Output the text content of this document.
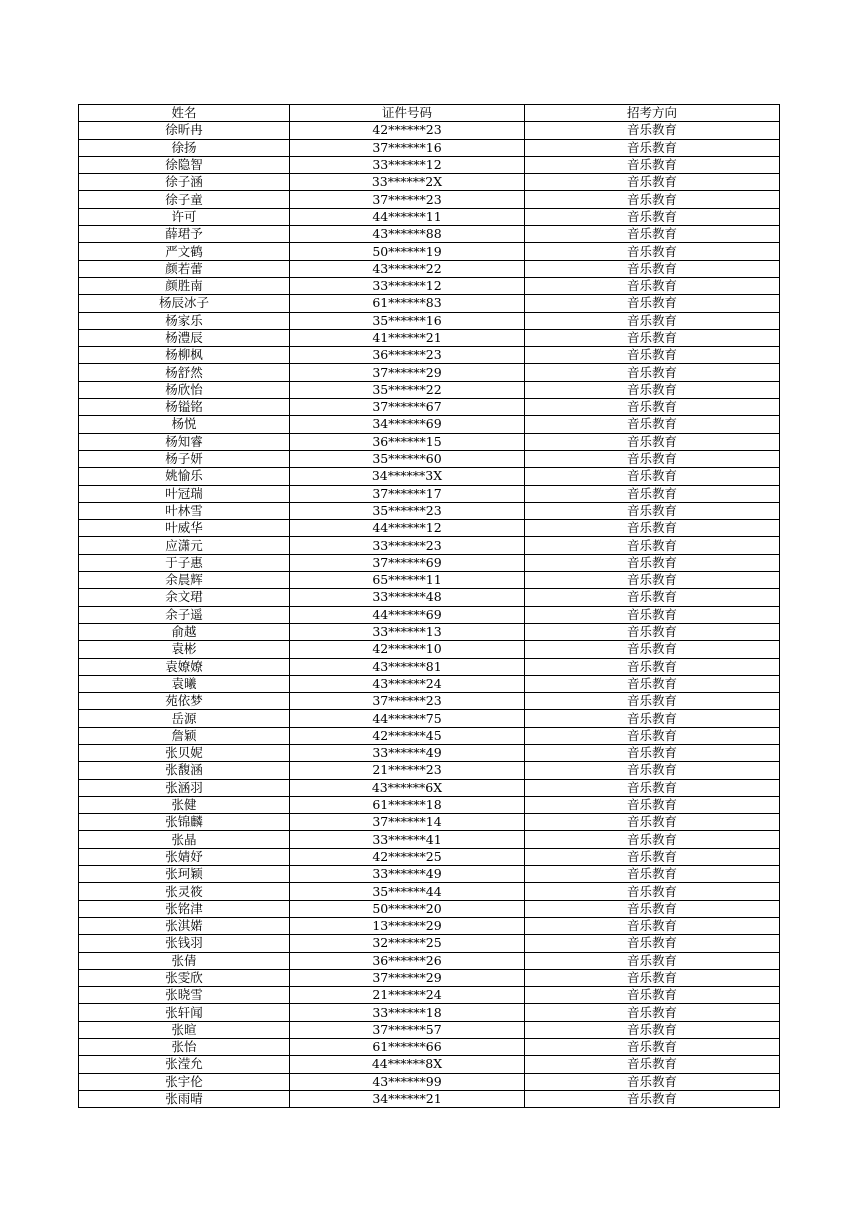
姓名	证件号码	招考方向
徐昕冉	42******23	音乐教育
徐扬	37******16	音乐教育
徐隐智	33******12	音乐教育
徐子涵	33******2X	音乐教育
徐子童	37******23	音乐教育
许可	44******11	音乐教育
薛珺予	43******88	音乐教育
严文鹤	50******19	音乐教育
颜若蕾	43******22	音乐教育
颜胜南	33******12	音乐教育
杨辰冰子	61******83	音乐教育
杨家乐	35******16	音乐教育
杨澧辰	41******21	音乐教育
杨柳枫	36******23	音乐教育
杨舒然	37******29	音乐教育
杨欣怡	35******22	音乐教育
杨镒铭	37******67	音乐教育
杨悦	34******69	音乐教育
杨知睿	36******15	音乐教育
杨子妍	35******60	音乐教育
姚愉乐	34******3X	音乐教育
叶冠瑞	37******17	音乐教育
叶林雪	35******23	音乐教育
叶威华	44******12	音乐教育
应潇元	33******23	音乐教育
于子惠	37******69	音乐教育
余晨辉	65******11	音乐教育
余文珺	33******48	音乐教育
余子遥	44******69	音乐教育
俞越	33******13	音乐教育
袁彬	42******10	音乐教育
袁嫽嫽	43******81	音乐教育
袁曦	43******24	音乐教育
苑依梦	37******23	音乐教育
岳源	44******75	音乐教育
詹颖	42******45	音乐教育
张贝妮	33******49	音乐教育
张馥涵	21******23	音乐教育
张涵羽	43******6X	音乐教育
张健	61******18	音乐教育
张锦麟	37******14	音乐教育
张晶	33******41	音乐教育
张婧妤	42******25	音乐教育
张珂颖	33******49	音乐教育
张灵筱	35******44	音乐教育
张铭津	50******20	音乐教育
张淇婼	13******29	音乐教育
张钱羽	32******25	音乐教育
张倩	36******26	音乐教育
张雯欣	37******29	音乐教育
张晓雪	21******24	音乐教育
张轩闻	33******18	音乐教育
张暄	37******57	音乐教育
张怡	61******66	音乐教育
张滢允	44******8X	音乐教育
张宇伦	43******99	音乐教育
张雨晴	34******21	音乐教育
